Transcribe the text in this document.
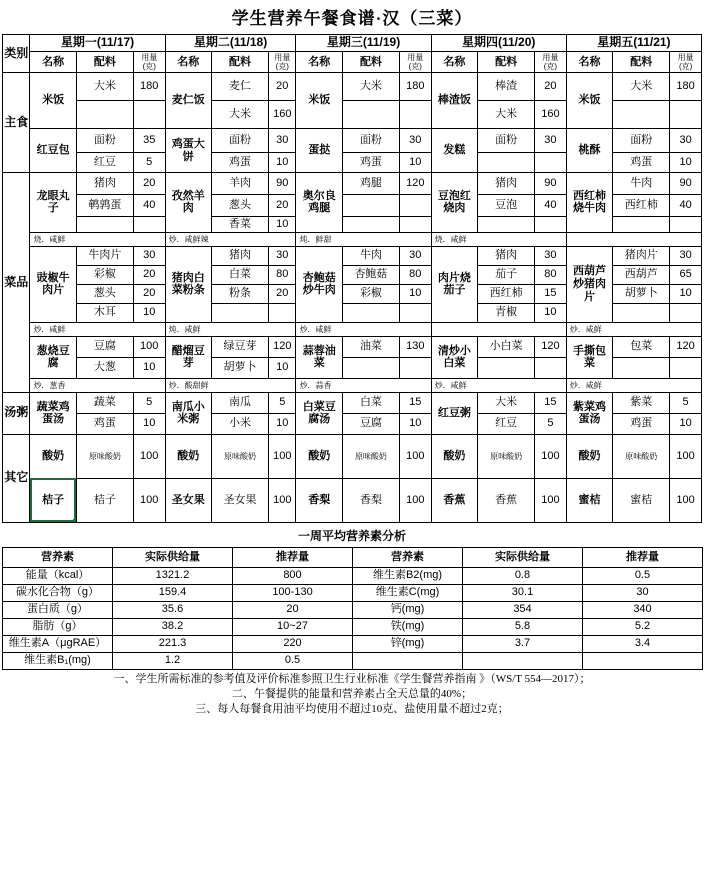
学生营养午餐食谱·汉（三菜）
类别	星期一(11/17)			星期二(11/18)			星期三(11/19)			星期四(11/20)			星期五(11/21)		
	名称	配料	用量(克)	名称	配料	用量(克)	名称	配料	用量(克)	名称	配料	用量(克)	名称	配料	用量(克)
主食	米饭	大米	180	麦仁饭	麦仁	20	米饭	大米	180	棒渣饭	棒渣	20	米饭	大米	180
					大米	160					大米	160			
	红豆包	面粉	35	鸡蛋大饼	面粉	30	蛋挞	面粉	30	发糕	面粉	30	桃酥	面粉	30
		红豆	5		鸡蛋	10		鸡蛋	10					鸡蛋	10
菜品	龙眼丸子	猪肉	20	孜然羊肉	羊肉	90	奥尔良鸡腿	鸡腿	120	豆泡红烧肉	猪肉	90	西红柿烧牛肉	牛肉	90
		鹌鹑蛋	40		葱头	20					豆泡	40		西红柿	40
					香菜	10									
	烧．咸鲜			炒．咸鲜辣			炖．鲜甜			烧．咸鲜					
	豉椒牛肉片	牛肉片	30	猪肉白菜粉条	猪肉	30	杏鲍菇炒牛肉	牛肉	30	肉片烧茄子	猪肉	30	西葫芦炒猪肉片	猪肉片	30
		彩椒	20		白菜	80		杏鲍菇	80		茄子	80		西葫芦	65
		葱头	20		粉条	20		彩椒	10		西红柿	15		胡萝卜	10
		木耳	10								青椒	10			
	炒．咸鲜			炖．咸鲜			炒．咸鲜						炒．咸鲜		
	葱烧豆腐	豆腐	100	醋熘豆芽	绿豆芽	120	蒜蓉油菜	油菜	130	清炒小白菜	小白菜	120	手撕包菜	包菜	120
		大葱	10		胡萝卜	10									
	炒．葱香			炒．酸甜鲜			炒．蒜香			炒．咸鲜			炒．咸鲜		
汤粥	蔬菜鸡蛋汤	蔬菜	5	南瓜小米粥	南瓜	5	白菜豆腐汤	白菜	15	红豆粥	大米	15	紫菜鸡蛋汤	紫菜	5
		鸡蛋	10		小米	10		豆腐	10		红豆	5		鸡蛋	10
其它	酸奶	原味酸奶	100	酸奶	原味酸奶	100	酸奶	原味酸奶	100	酸奶	原味酸奶	100	酸奶	原味酸奶	100
	桔子	桔子	100	圣女果	圣女果	100	香梨	香梨	100	香蕉	香蕉	100	蜜桔	蜜桔	100
一周平均营养素分析
营养素	实际供给量	推荐量	营养素	实际供给量	推荐量
能量（kcal）	1321.2	800	维生素B2(mg)	0.8	0.5
碳水化合物（g）	159.4	100-130	维生素C(mg)	30.1	30
蛋白质（g）	35.6	20	钙(mg)	354	340
脂肪（g）	38.2	10~27	铁(mg)	5.8	5.2
维生素A（μgRAE）	221.3	220	锌(mg)	3.7	3.4
维生素B₁(mg)	1.2	0.5			
一、学生所需标准的参考值及评价标准参照卫生行业标准《学生餐营养指南 》（WS/T 554—2017）；
二、午餐提供的能量和营养素占全天总量的40%；
三、每人每餐食用油平均使用不超过10克、盐使用量不超过2克；
